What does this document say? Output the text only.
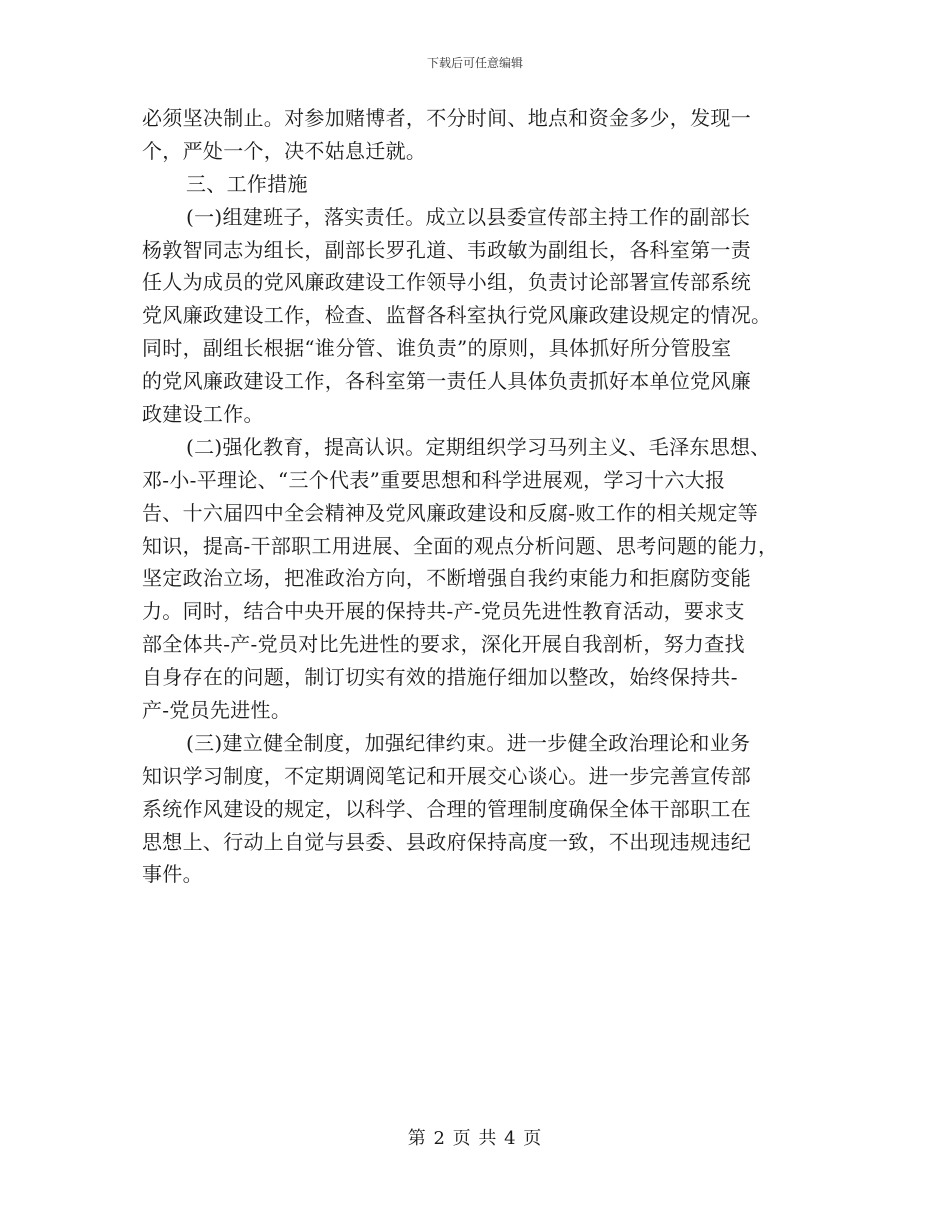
下载后可任意编辑
必须坚决制止。对参加赌博者，不分时间、地点和资金多少，发现一
个，严处一个，决不姑息迁就。
三、工作措施
(一)组建班子，落实责任。成立以县委宣传部主持工作的副部长
杨敦智同志为组长，副部长罗孔道、韦政敏为副组长，各科室第一责
任人为成员的党风廉政建设工作领导小组，负责讨论部署宣传部系统
党风廉政建设工作，检查、监督各科室执行党风廉政建设规定的情况。
同时，副组长根据“谁分管、谁负责”的原则，具体抓好所分管股室
的党风廉政建设工作，各科室第一责任人具体负责抓好本单位党风廉
政建设工作。
(二)强化教育，提高认识。定期组织学习马列主义、毛泽东思想、
邓-小-平理论、“三个代表”重要思想和科学进展观，学习十六大报
告、十六届四中全会精神及党风廉政建设和反腐-败工作的相关规定等
知识，提高-干部职工用进展、全面的观点分析问题、思考问题的能力，
坚定政治立场，把准政治方向，不断增强自我约束能力和拒腐防变能
力。同时，结合中央开展的保持共-产-党员先进性教育活动，要求支
部全体共-产-党员对比先进性的要求，深化开展自我剖析，努力查找
自身存在的问题，制订切实有效的措施仔细加以整改，始终保持共-
产-党员先进性。
(三)建立健全制度，加强纪律约束。进一步健全政治理论和业务
知识学习制度，不定期调阅笔记和开展交心谈心。进一步完善宣传部
系统作风建设的规定，以科学、合理的管理制度确保全体干部职工在
思想上、行动上自觉与县委、县政府保持高度一致，不出现违规违纪
事件。
第 2 页 共 4 页
